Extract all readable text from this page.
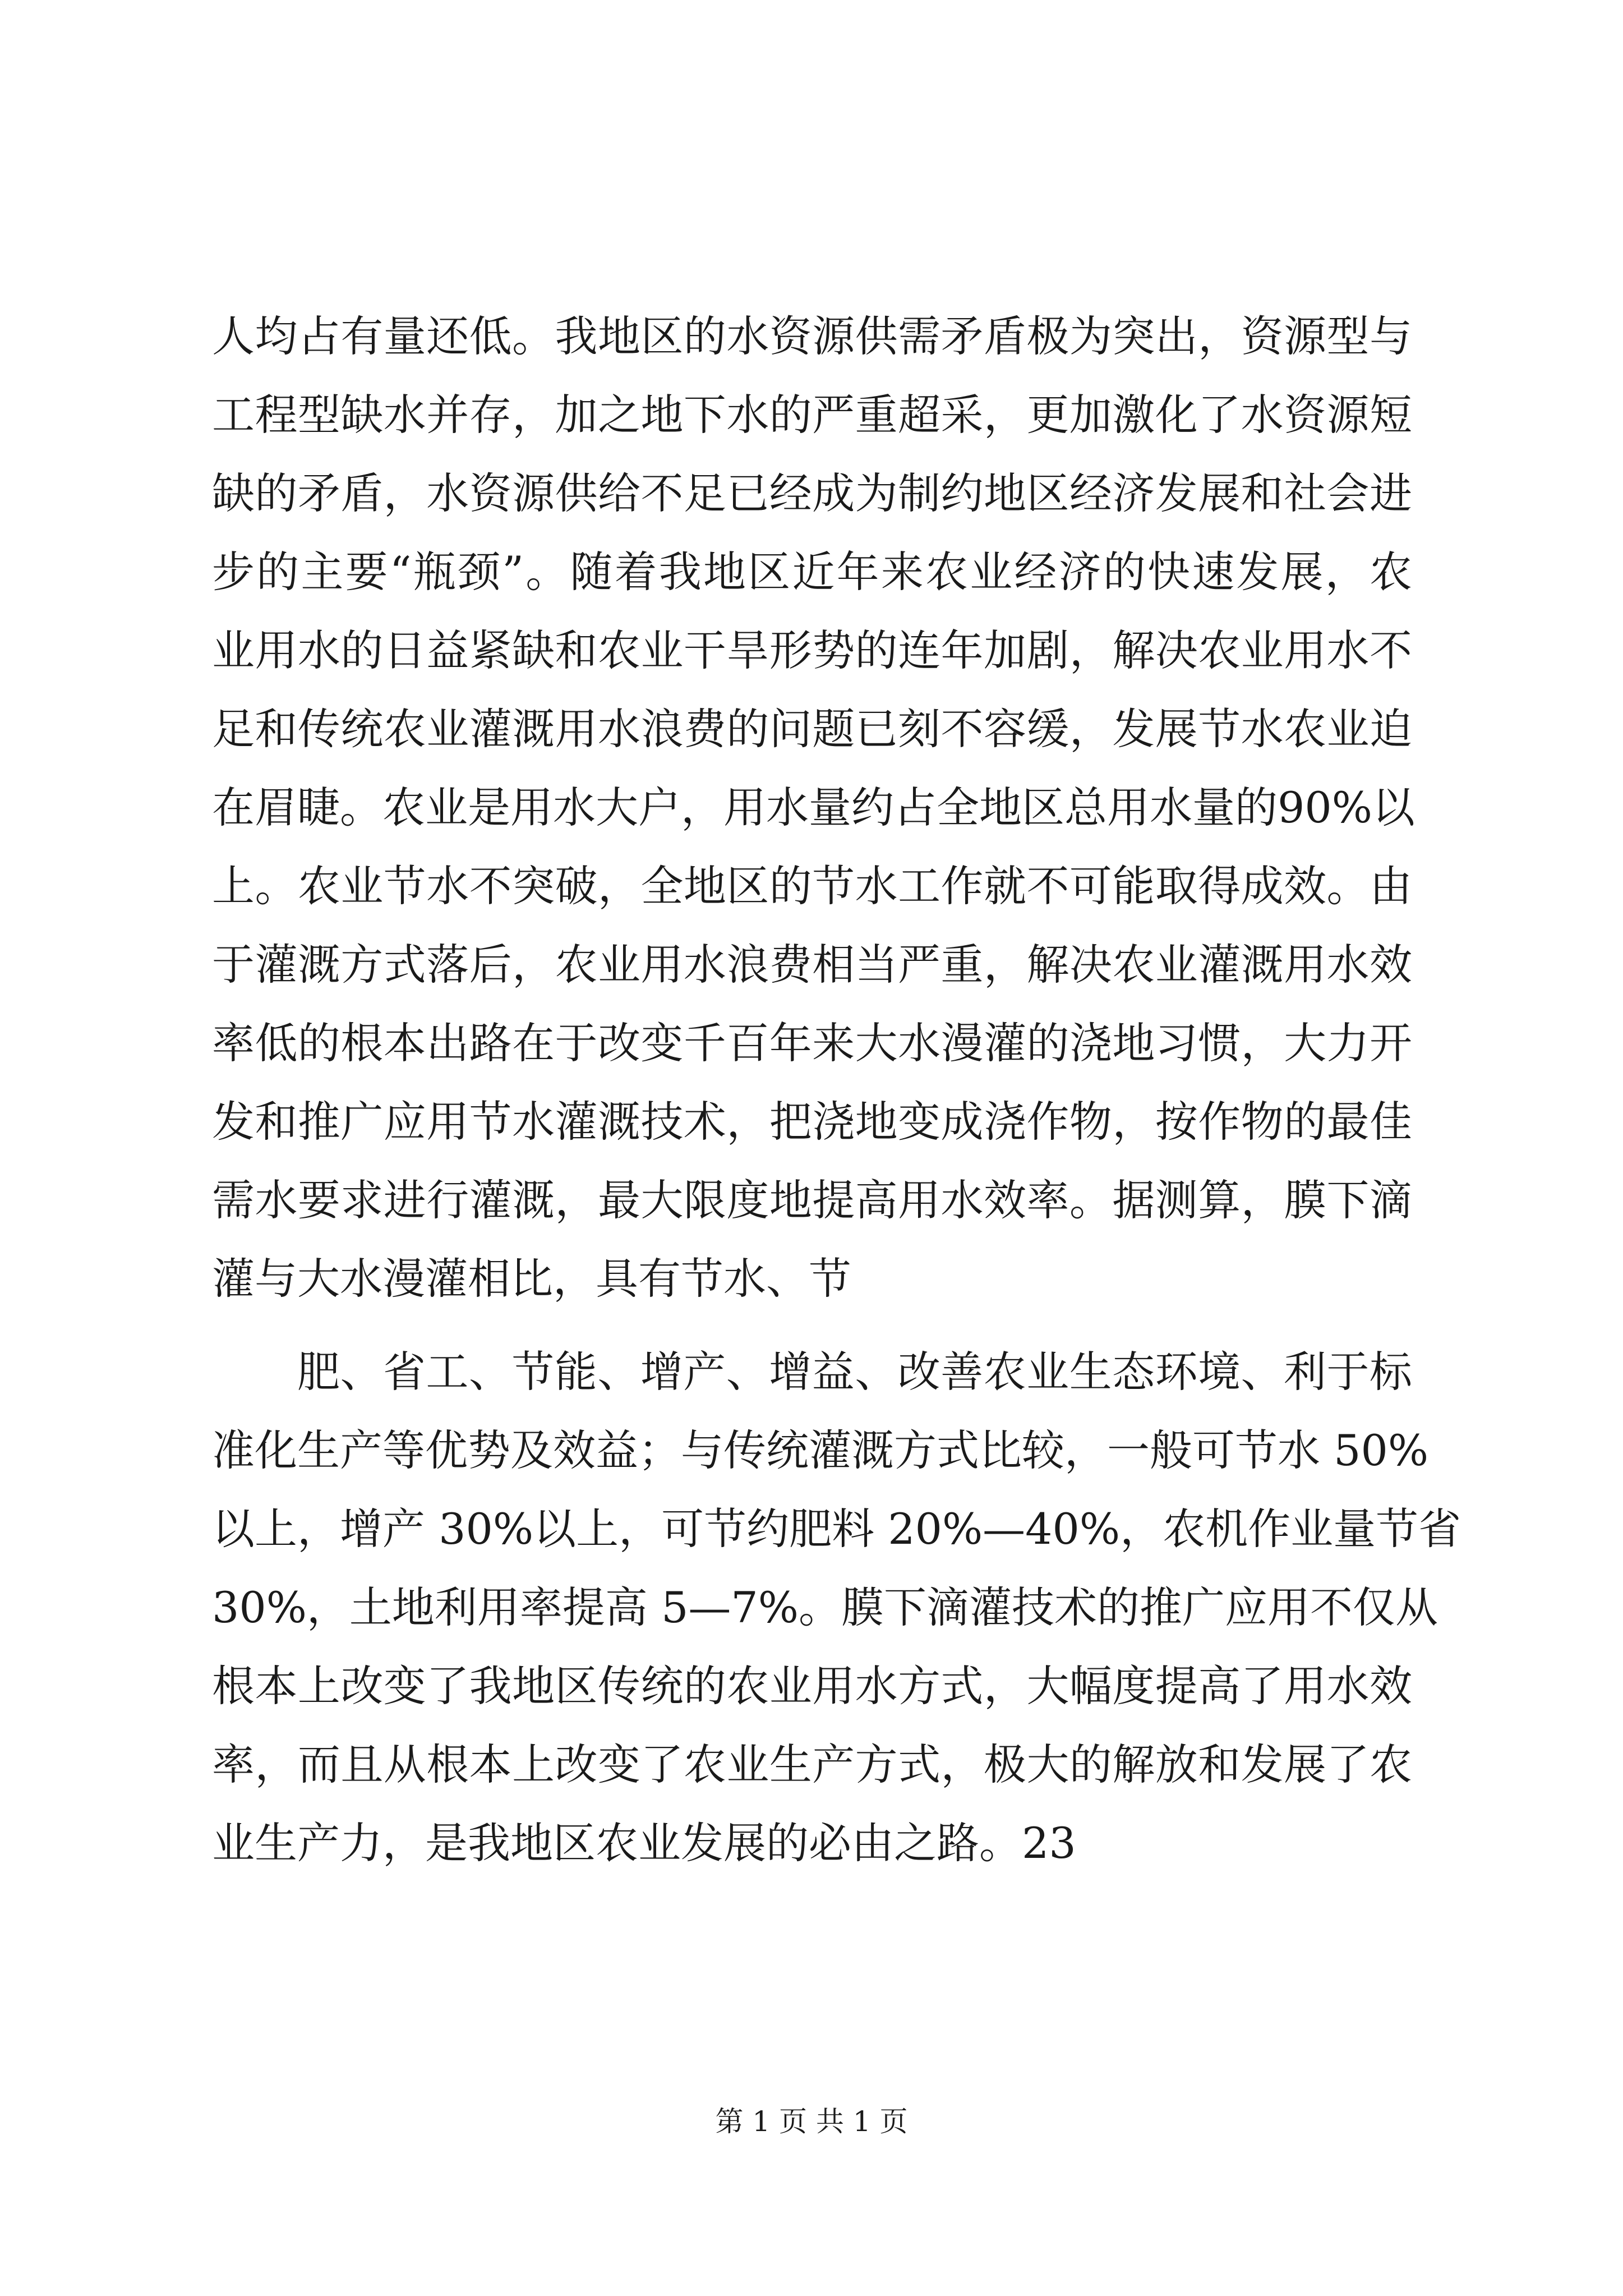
人均占有量还低。我地区的水资源供需矛盾极为突出，资源型与
工程型缺水并存，加之地下水的严重超采，更加激化了水资源短
缺的矛盾，水资源供给不足已经成为制约地区经济发展和社会进
步的主要“瓶颈”。随着我地区近年来农业经济的快速发展，农
业用水的日益紧缺和农业干旱形势的连年加剧，解决农业用水不
足和传统农业灌溉用水浪费的问题已刻不容缓，发展节水农业迫
在眉睫。农业是用水大户，用水量约占全地区总用水量的90%以
上。农业节水不突破，全地区的节水工作就不可能取得成效。由
于灌溉方式落后，农业用水浪费相当严重，解决农业灌溉用水效
率低的根本出路在于改变千百年来大水漫灌的浇地习惯，大力开
发和推广应用节水灌溉技术，把浇地变成浇作物，按作物的最佳
需水要求进行灌溉，最大限度地提高用水效率。据测算，膜下滴
灌与大水漫灌相比，具有节水、节
肥、省工、节能、增产、增益、改善农业生态环境、利于标
准化生产等优势及效益；与传统灌溉方式比较，一般可节水 50%
以上，增产 30%以上，可节约肥料 20%—40%，农机作业量节省
30%，土地利用率提高 5—7%。膜下滴灌技术的推广应用不仅从
根本上改变了我地区传统的农业用水方式，大幅度提高了用水效
率，而且从根本上改变了农业生产方式，极大的解放和发展了农
业生产力，是我地区农业发展的必由之路。23
第 1 页 共 1 页
